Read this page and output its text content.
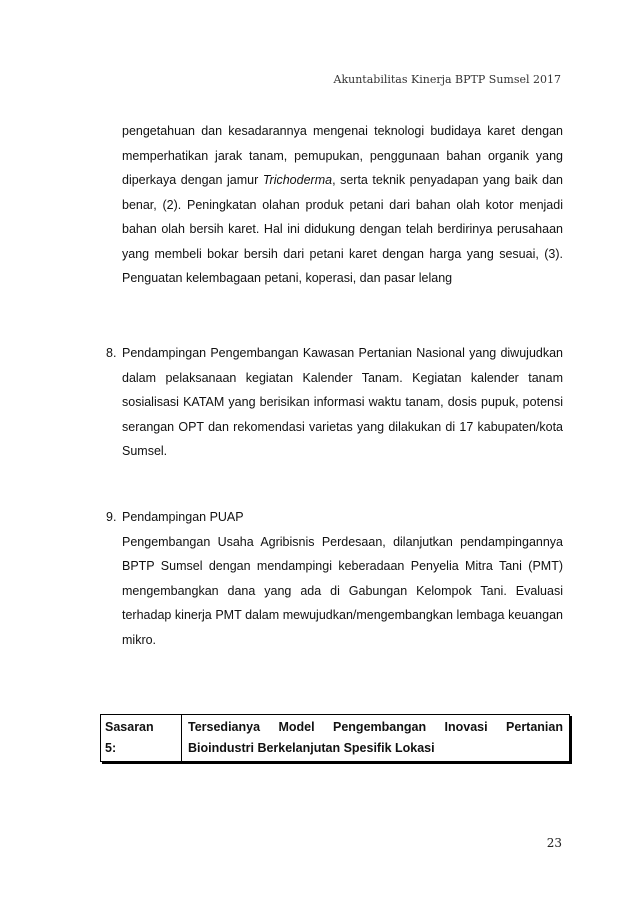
Akuntabilitas Kinerja BPTP Sumsel 2017
pengetahuan dan kesadarannya mengenai teknologi budidaya karet dengan
memperhatikan jarak tanam, pemupukan, penggunaan bahan organik yang
diperkaya dengan jamur Trichoderma, serta teknik penyadapan yang baik dan
benar, (2). Peningkatan olahan produk petani dari bahan olah kotor menjadi
bahan olah bersih karet. Hal ini didukung dengan telah berdirinya perusahaan
yang membeli bokar bersih dari petani karet dengan harga yang sesuai, (3).
Penguatan kelembagaan petani, koperasi, dan pasar lelang
8. Pendampingan Pengembangan Kawasan Pertanian Nasional yang diwujudkan
dalam pelaksanaan kegiatan Kalender Tanam. Kegiatan kalender tanam
sosialisasi KATAM yang berisikan informasi waktu tanam, dosis pupuk, potensi
serangan OPT dan rekomendasi varietas yang dilakukan di 17 kabupaten/kota
Sumsel.
9. Pendampingan PUAP
Pengembangan Usaha Agribisnis Perdesaan, dilanjutkan pendampingannya
BPTP Sumsel dengan mendampingi keberadaan Penyelia Mitra Tani (PMT)
mengembangkan dana yang ada di Gabungan Kelompok Tani. Evaluasi
terhadap kinerja PMT dalam mewujudkan/mengembangkan lembaga keuangan
mikro.
Sasaran
5:
Tersedianya Model Pengembangan Inovasi Pertanian
Bioindustri Berkelanjutan Spesifik Lokasi
23
